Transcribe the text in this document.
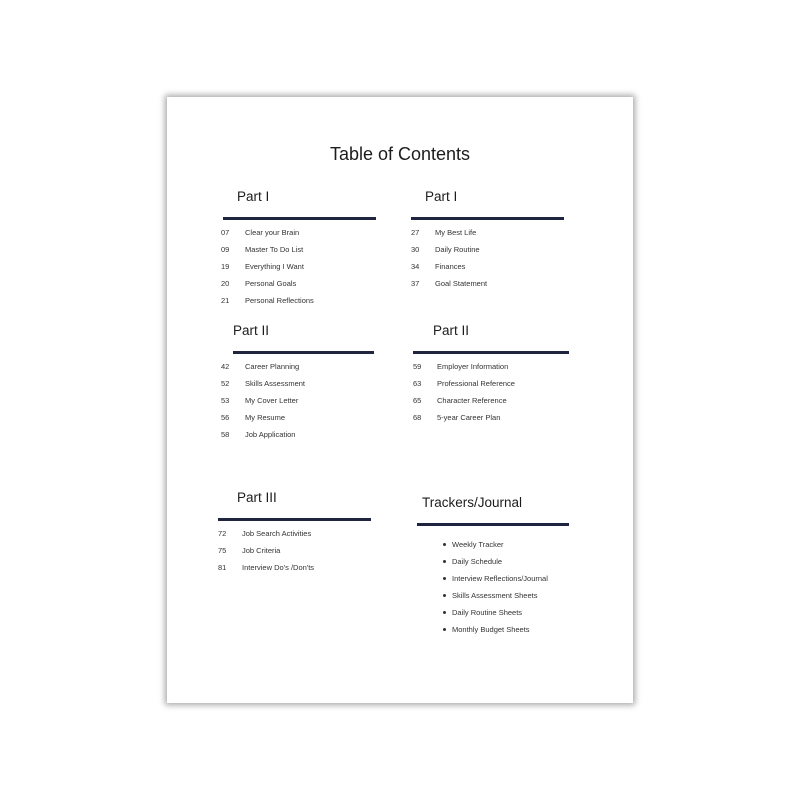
Table of Contents
Part I
07	Clear your Brain
09	Master To Do List
19	Everything I Want
20	Personal Goals
21	Personal Reflections
Part I
27	My Best Life
30	Daily Routine
34	Finances
37	Goal Statement
Part II
42	Career Planning
52	Skills Assessment
53	My Cover Letter
56	My Resume
58	Job Application
Part II
59	Employer Information
63	Professional Reference
65	Character Reference
68	5-year Career Plan
Part III
72	Job Search Activities
75	Job Criteria
81	Interview Do's /Don'ts
Trackers/Journal
Weekly Tracker
Daily Schedule
Interview Reflections/Journal
Skills Assessment Sheets
Daily Routine Sheets
Monthly Budget Sheets
